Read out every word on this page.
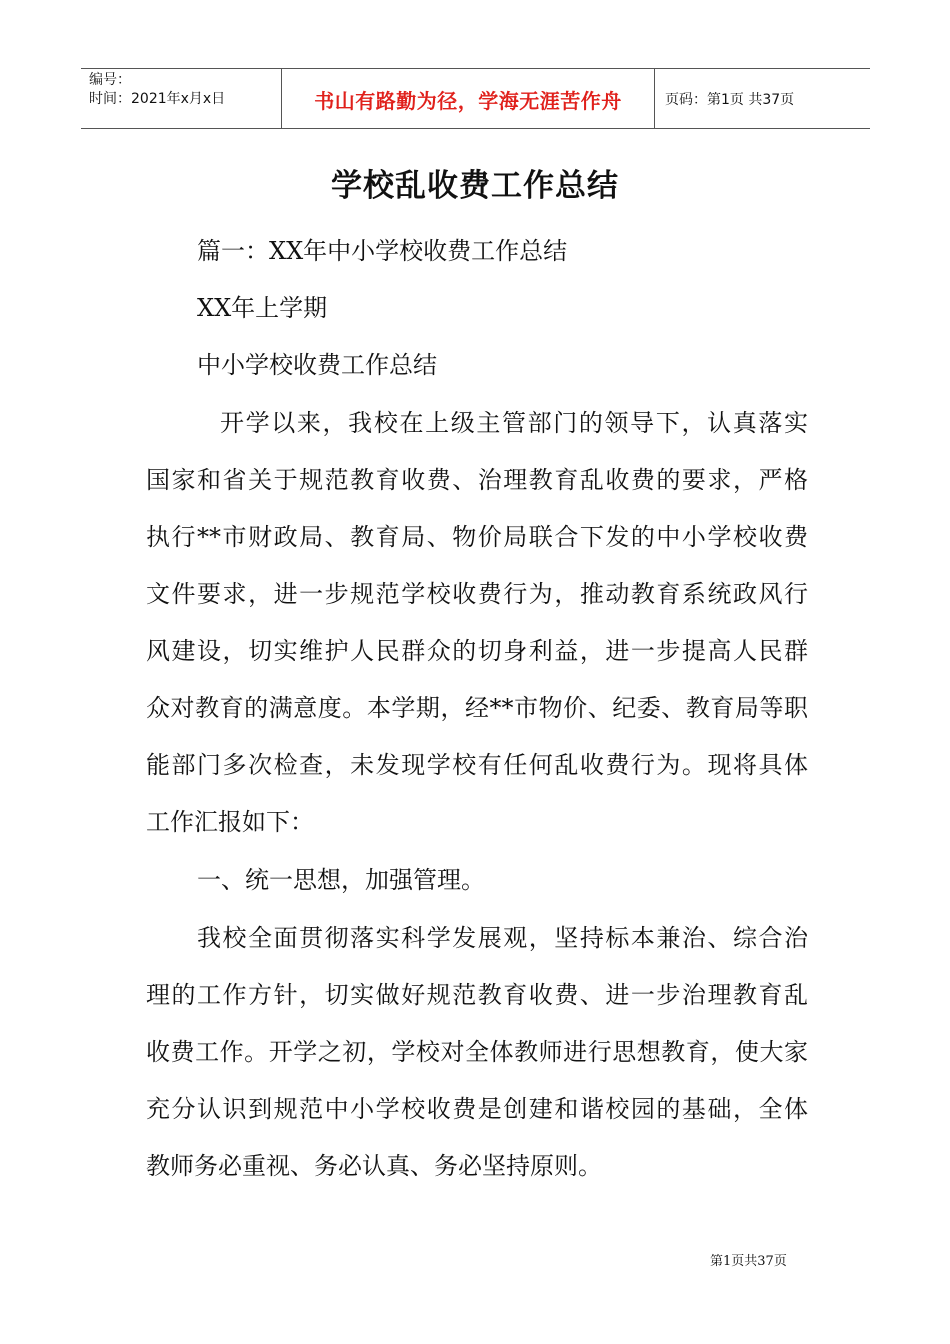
编号：
时间：2021年x月x日	书山有路勤为径，学海无涯苦作舟	页码：第1页 共37页
学校乱收费工作总结
篇一：XX年中小学校收费工作总结
XX年上学期
中小学校收费工作总结
开学以来，我校在上级主管部门的领导下，认真落实
国家和省关于规范教育收费、治理教育乱收费的要求，严格
执行**市财政局、教育局、物价局联合下发的中小学校收费
文件要求，进一步规范学校收费行为，推动教育系统政风行
风建设，切实维护人民群众的切身利益，进一步提高人民群
众对教育的满意度。本学期，经**市物价、纪委、教育局等职
能部门多次检查，未发现学校有任何乱收费行为。现将具体
工作汇报如下：
一、统一思想，加强管理。
我校全面贯彻落实科学发展观，坚持标本兼治、综合治
理的工作方针，切实做好规范教育收费、进一步治理教育乱
收费工作。开学之初，学校对全体教师进行思想教育，使大家
充分认识到规范中小学校收费是创建和谐校园的基础，全体
教师务必重视、务必认真、务必坚持原则。
第1页共37页
